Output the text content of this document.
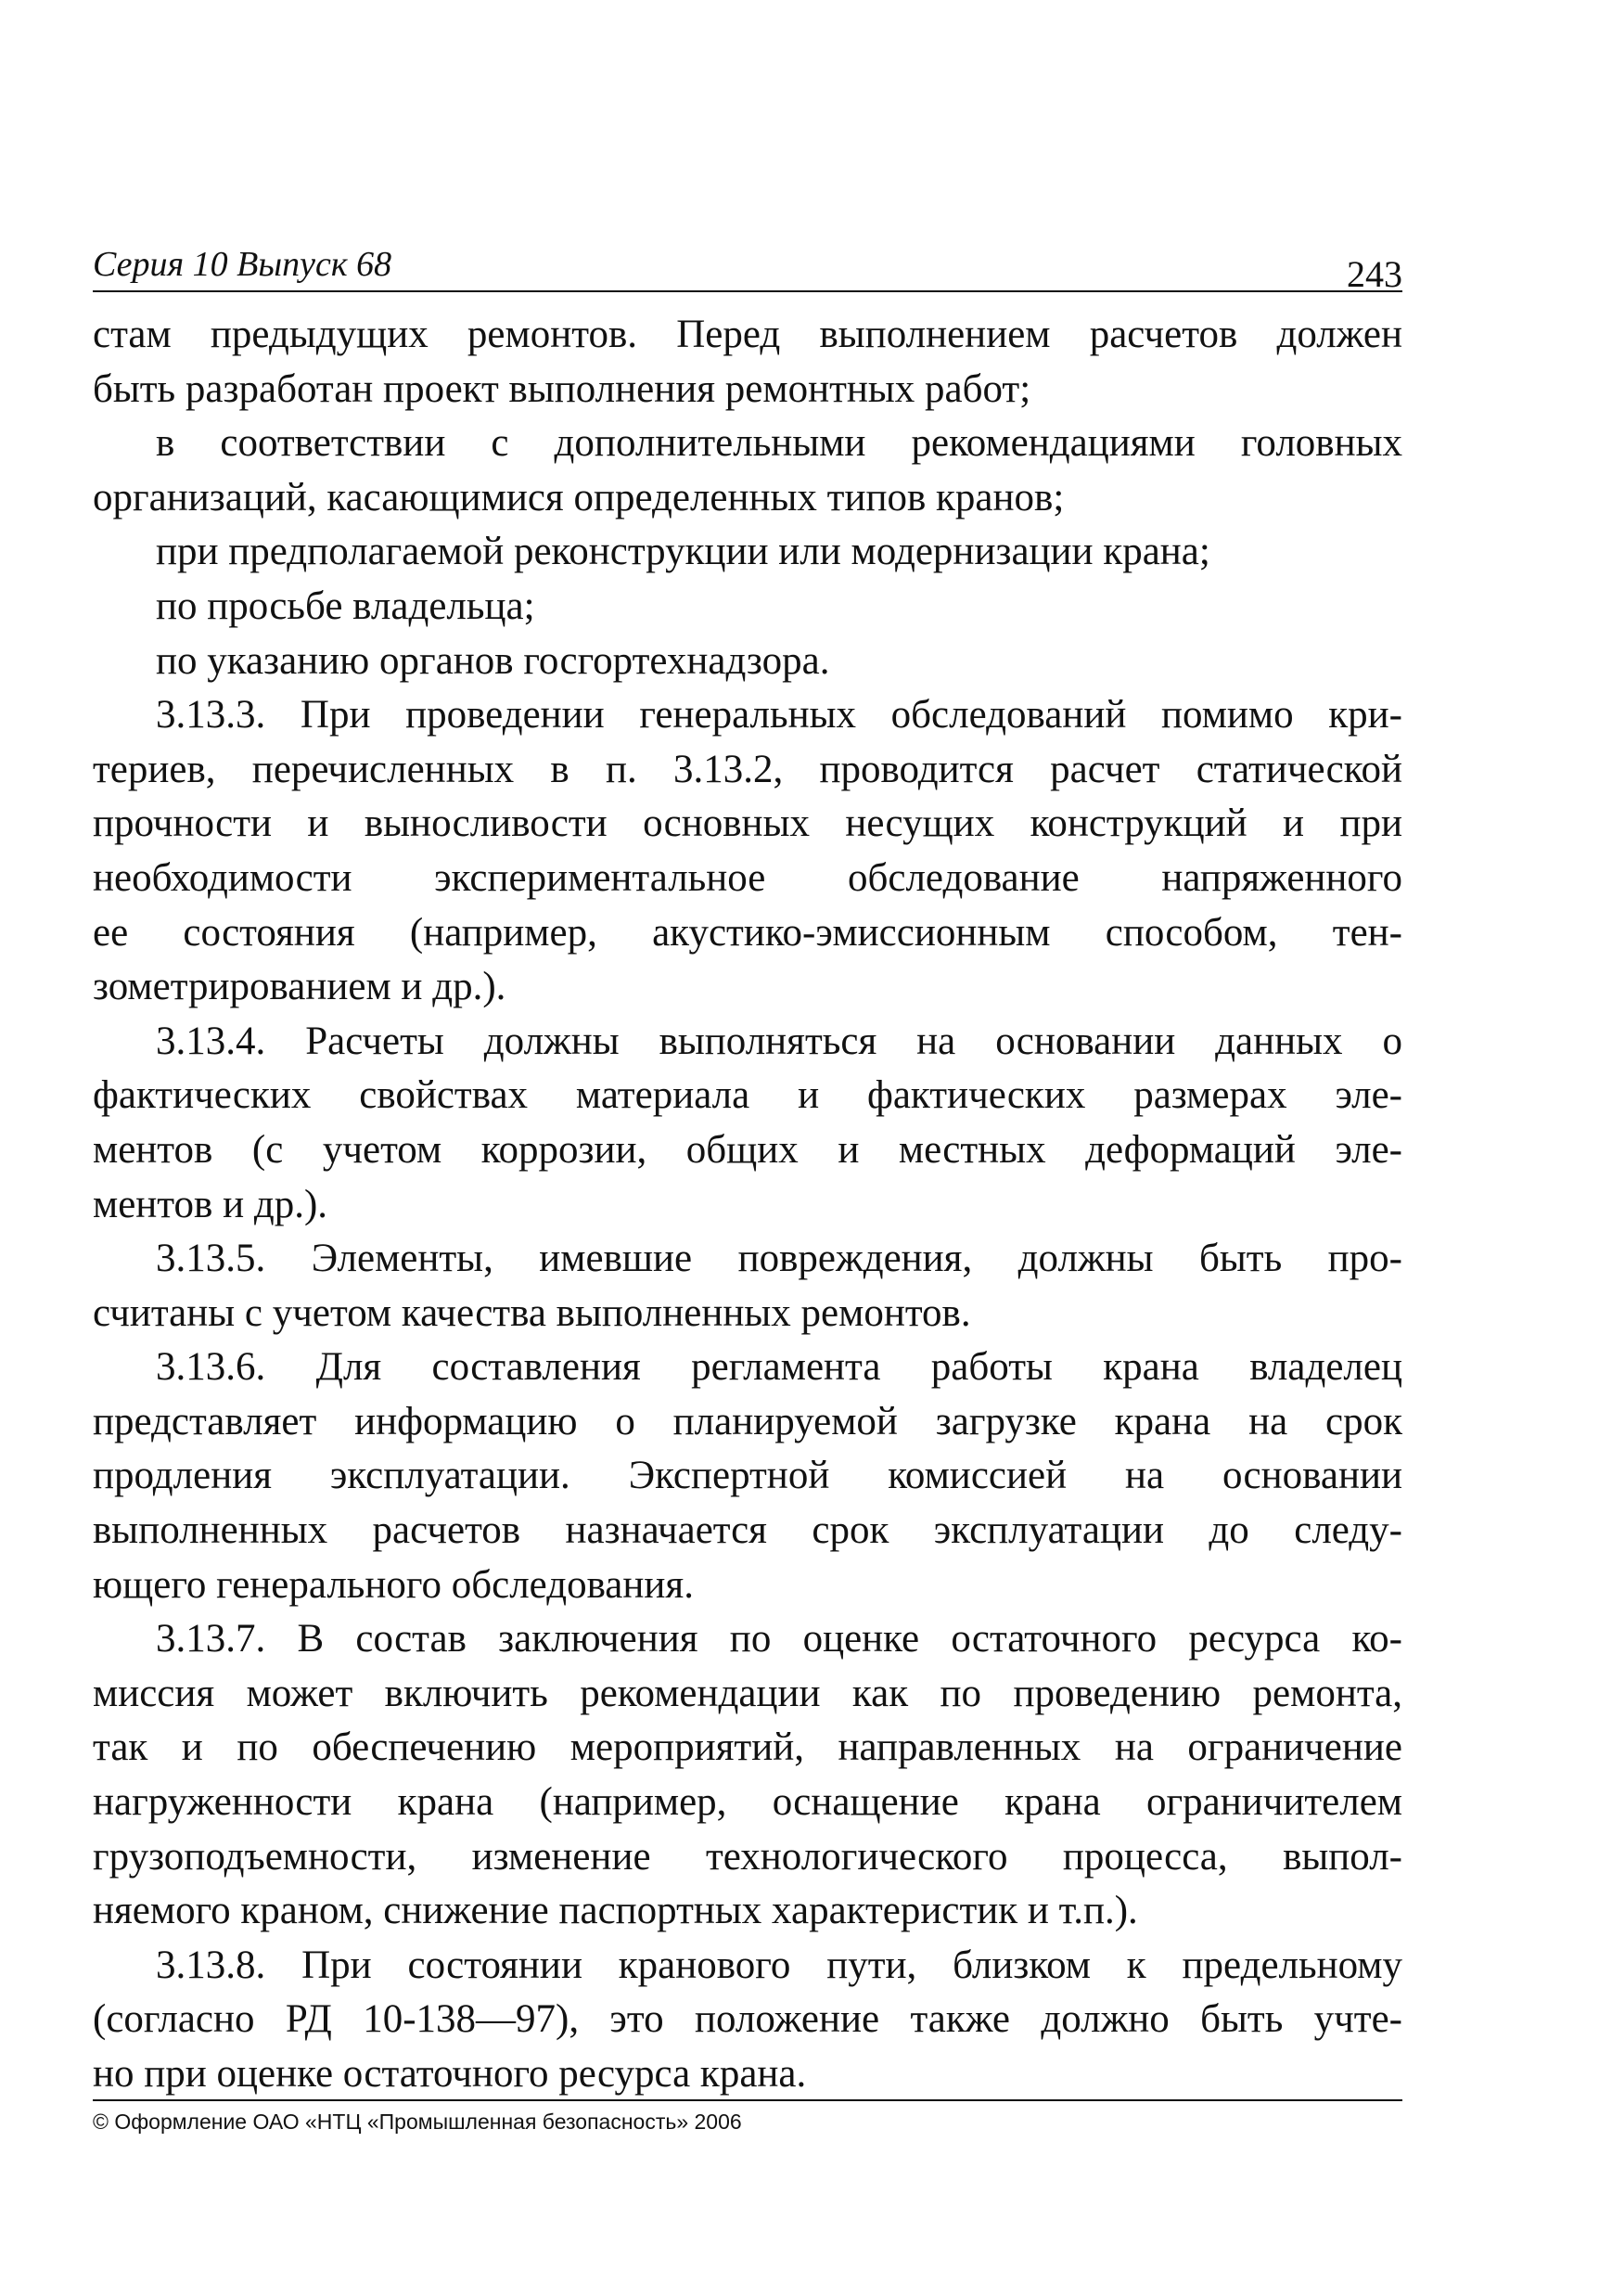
Серия 10 Выпуск 68	243
стам предыдущих ремонтов. Перед выполнением расчетов должен
быть разработан проект выполнения ремонтных работ;
в соответствии с дополнительными рекомендациями головных
организаций, касающимися определенных типов кранов;
при предполагаемой реконструкции или модернизации крана;
по просьбе владельца;
по указанию органов госгортехнадзора.
3.13.3. При проведении генеральных обследований помимо кри-
териев, перечисленных в п. 3.13.2, проводится расчет статической
прочности и выносливости основных несущих конструкций и при
необходимости экспериментальное обследование напряженного
ее состояния (например, акустико-эмиссионным способом, тен-
зометрированием и др.).
3.13.4. Расчеты должны выполняться на основании данных о
фактических свойствах материала и фактических размерах эле-
ментов (с учетом коррозии, общих и местных деформаций эле-
ментов и др.).
3.13.5. Элементы, имевшие повреждения, должны быть про-
считаны с учетом качества выполненных ремонтов.
3.13.6. Для составления регламента работы крана владелец
представляет информацию о планируемой загрузке крана на срок
продления эксплуатации. Экспертной комиссией на основании
выполненных расчетов назначается срок эксплуатации до следу-
ющего генерального обследования.
3.13.7. В состав заключения по оценке остаточного ресурса ко-
миссия может включить рекомендации как по проведению ремонта,
так и по обеспечению мероприятий, направленных на ограничение
нагруженности крана (например, оснащение крана ограничителем
грузоподъемности, изменение технологического процесса, выпол-
няемого краном, снижение паспортных характеристик и т.п.).
3.13.8. При состоянии кранового пути, близком к предельному
(согласно РД 10-138—97), это положение также должно быть учте-
но при оценке остаточного ресурса крана.
© Оформление ОАО «НТЦ «Промышленная безопасность» 2006
